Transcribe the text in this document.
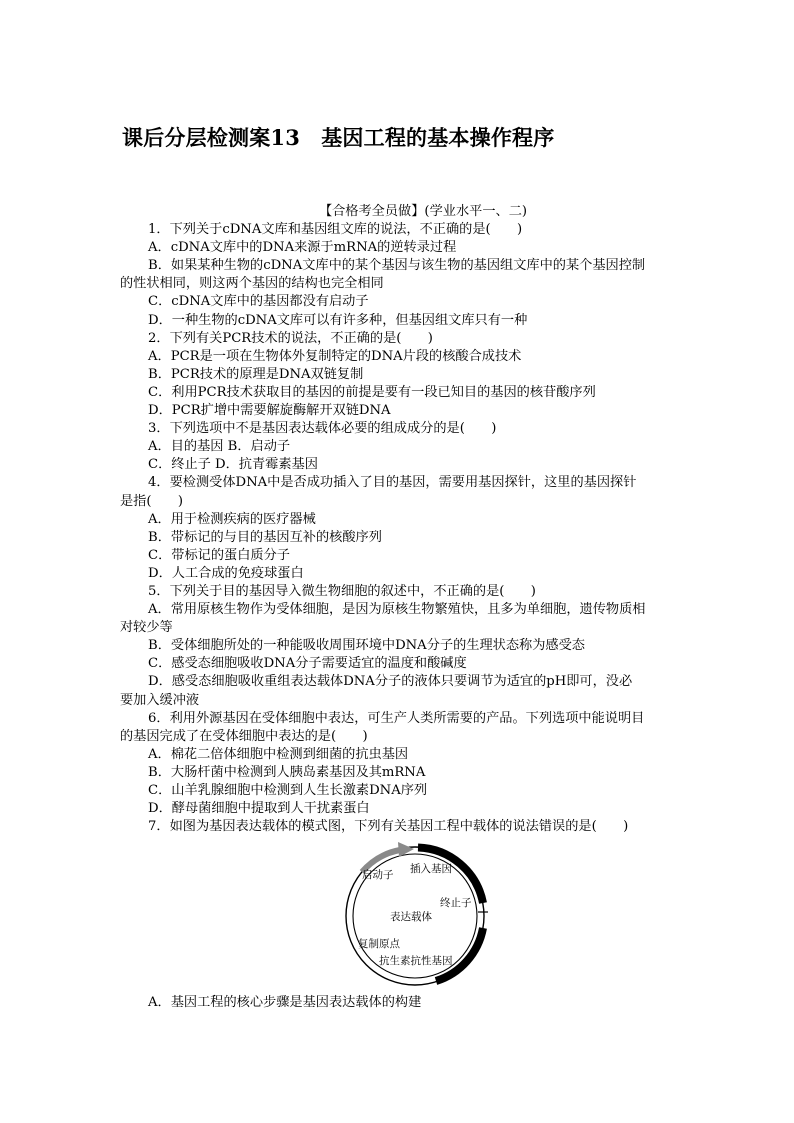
课后分层检测案13　基因工程的基本操作程序
【合格考全员做】(学业水平一、二)
1．下列关于cDNA文库和基因组文库的说法，不正确的是(　　)
A．cDNA文库中的DNA来源于mRNA的逆转录过程
B．如果某种生物的cDNA文库中的某个基因与该生物的基因组文库中的某个基因控制
的性状相同，则这两个基因的结构也完全相同
C．cDNA文库中的基因都没有启动子
D．一种生物的cDNA文库可以有许多种，但基因组文库只有一种
2．下列有关PCR技术的说法，不正确的是(　　)
A．PCR是一项在生物体外复制特定的DNA片段的核酸合成技术
B．PCR技术的原理是DNA双链复制
C．利用PCR技术获取目的基因的前提是要有一段已知目的基因的核苷酸序列
D．PCR扩增中需要解旋酶解开双链DNA
3．下列选项中不是基因表达载体必要的组成成分的是(　　)
A．目的基因 B．启动子
C．终止子 D．抗青霉素基因
4．要检测受体DNA中是否成功插入了目的基因，需要用基因探针，这里的基因探针
是指(　　)
A．用于检测疾病的医疗器械
B．带标记的与目的基因互补的核酸序列
C．带标记的蛋白质分子
D．人工合成的免疫球蛋白
5．下列关于目的基因导入微生物细胞的叙述中，不正确的是(　　)
A．常用原核生物作为受体细胞，是因为原核生物繁殖快，且多为单细胞，遗传物质相
对较少等
B．受体细胞所处的一种能吸收周围环境中DNA分子的生理状态称为感受态
C．感受态细胞吸收DNA分子需要适宜的温度和酸碱度
D．感受态细胞吸收重组表达载体DNA分子的液体只要调节为适宜的pH即可，没必
要加入缓冲液
6．利用外源基因在受体细胞中表达，可生产人类所需要的产品。下列选项中能说明目
的基因完成了在受体细胞中表达的是(　　)
A．棉花二倍体细胞中检测到细菌的抗虫基因
B．大肠杆菌中检测到人胰岛素基因及其mRNA
C．山羊乳腺细胞中检测到人生长激素DNA序列
D．酵母菌细胞中提取到人干扰素蛋白
7．如图为基因表达载体的模式图，下列有关基因工程中载体的说法错误的是(　　)
启动子 插入基因
终止子
表达载体
复制原点
抗生素抗性基因
A．基因工程的核心步骤是基因表达载体的构建
